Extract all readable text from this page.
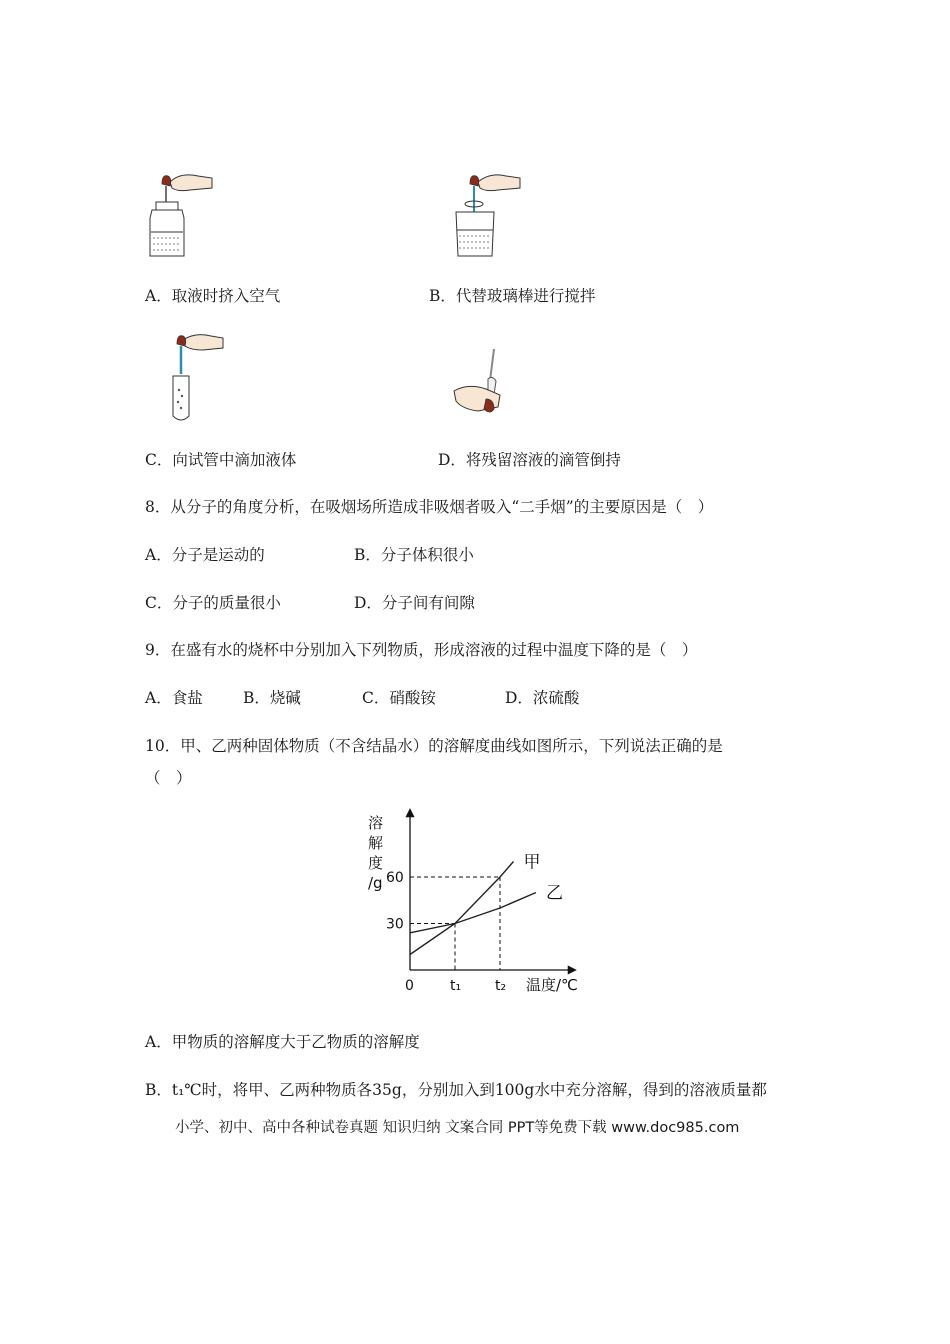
A．取液时挤入空气	B．代替玻璃棒进行搅拌
C．向试管中滴加液体	D．将残留溶液的滴管倒持
8．从分子的角度分析，在吸烟场所造成非吸烟者吸入“二手烟”的主要原因是（　）
A．分子是运动的	B．分子体积很小
C．分子的质量很小	D．分子间有间隙
9．在盛有水的烧杯中分别加入下列物质，形成溶液的过程中温度下降的是（　）
A．食盐	B．烧碱	C．硝酸铵	D．浓硫酸
10．甲、乙两种固体物质（不含结晶水）的溶解度曲线如图所示，下列说法正确的是
（　）
溶
解
度
/g
甲
乙
0	t₁ t₂
30
60
温度/℃
A．甲物质的溶解度大于乙物质的溶解度
B．t₁℃时，将甲、乙两种物质各35g，分别加入到100g水中充分溶解，得到的溶液质量都
小学、初中、高中各种试卷真题 知识归纳 文案合同 PPT等免费下载 www.doc985.com
